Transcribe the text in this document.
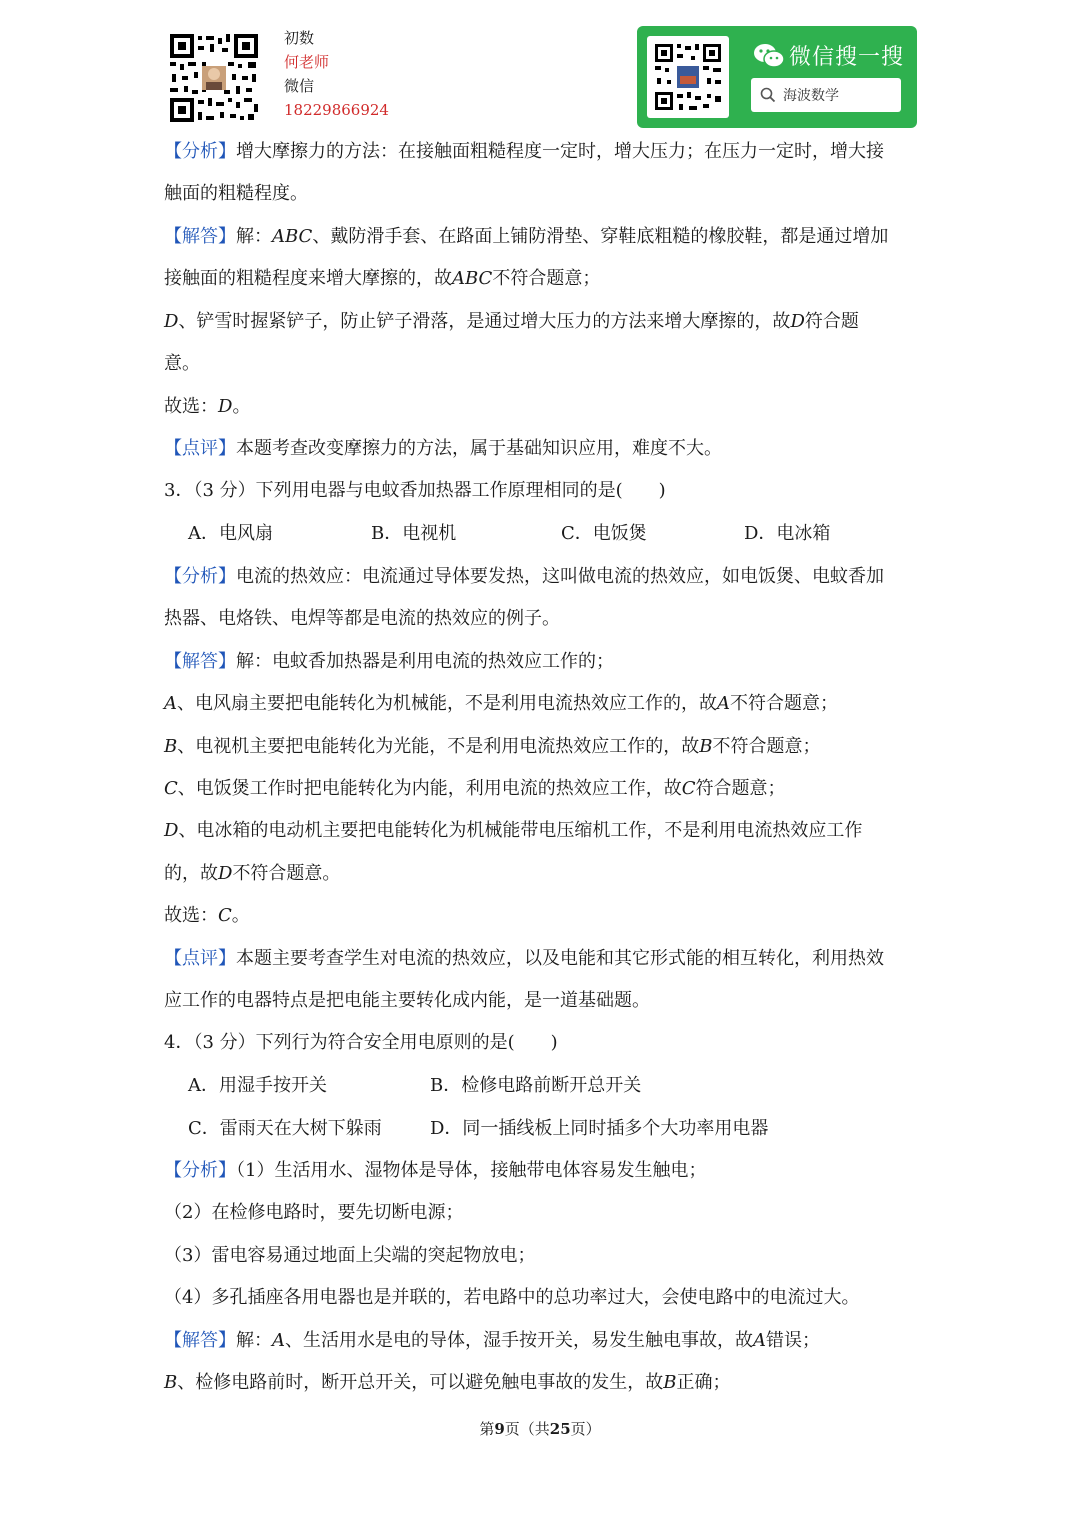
初数
何老师
微信
18229866924
微信搜一搜
海波数学
【分析】增大摩擦力的方法：在接触面粗糙程度一定时，增大压力；在压力一定时，增大接
触面的粗糙程度。
【解答】解：ABC、戴防滑手套、在路面上铺防滑垫、穿鞋底粗糙的橡胶鞋，都是通过增加
接触面的粗糙程度来增大摩擦的，故ABC不符合题意；
D、铲雪时握紧铲子，防止铲子滑落，是通过增大压力的方法来增大摩擦的，故D符合题
意。
故选：D。
【点评】本题考查改变摩擦力的方法，属于基础知识应用，难度不大。
3．（3 分）下列用电器与电蚊香加热器工作原理相同的是(　　)
A．电风扇	B．电视机	C．电饭煲	D．电冰箱
【分析】电流的热效应：电流通过导体要发热，这叫做电流的热效应，如电饭煲、电蚊香加
热器、电烙铁、电焊等都是电流的热效应的例子。
【解答】解：电蚊香加热器是利用电流的热效应工作的；
A、电风扇主要把电能转化为机械能，不是利用电流热效应工作的，故A不符合题意；
B、电视机主要把电能转化为光能，不是利用电流热效应工作的，故B不符合题意；
C、电饭煲工作时把电能转化为内能，利用电流的热效应工作，故C符合题意；
D、电冰箱的电动机主要把电能转化为机械能带电压缩机工作，不是利用电流热效应工作
的，故D不符合题意。
故选：C。
【点评】本题主要考查学生对电流的热效应，以及电能和其它形式能的相互转化，利用热效
应工作的电器特点是把电能主要转化成内能，是一道基础题。
4．（3 分）下列行为符合安全用电原则的是(　　)
A．用湿手按开关	B．检修电路前断开总开关
C．雷雨天在大树下躲雨	D．同一插线板上同时插多个大功率用电器
【分析】（1）生活用水、湿物体是导体，接触带电体容易发生触电；
（2）在检修电路时，要先切断电源；
（3）雷电容易通过地面上尖端的突起物放电；
（4）多孔插座各用电器也是并联的，若电路中的总功率过大，会使电路中的电流过大。
【解答】解：A、生活用水是电的导体，湿手按开关，易发生触电事故，故A错误；
B、检修电路前时，断开总开关，可以避免触电事故的发生，故B正确；
第9页（共25页）
